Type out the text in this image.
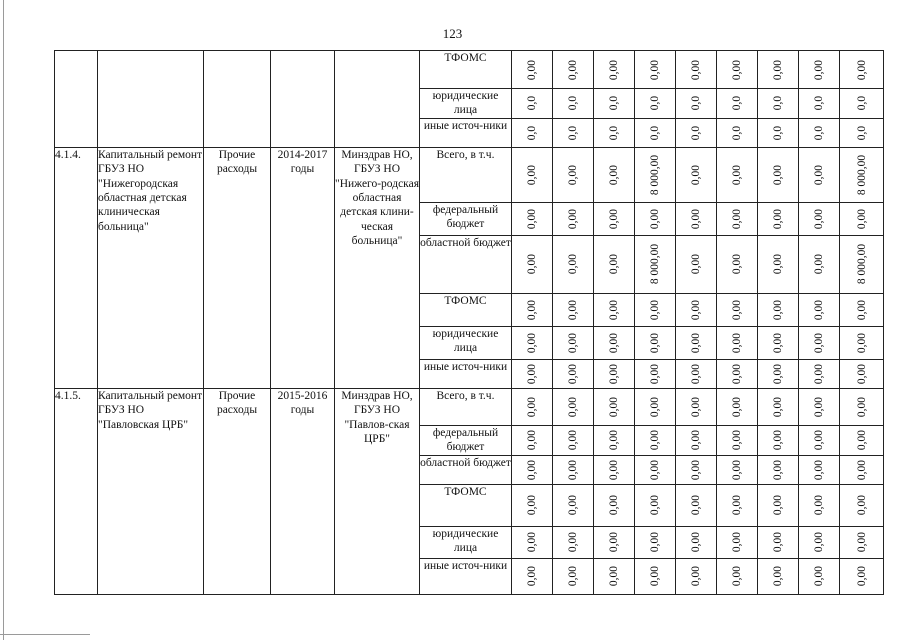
123
					ТФОМС	0,00	0,00	0,00	0,00	0,00	0,00	0,00	0,00	0,00

					юридические лица	0,0	0,0	0,0	0,0	0,0	0,0	0,0	0,0	0,0

					иные источ-ники	0,0	0,0	0,0	0,0	0,0	0,0	0,0	0,0	0,0

4.1.4.	Капитальный ремонт ГБУЗ НО "Нижегородская областная детская клиническая больница"	Прочие расходы	2014-2017 годы	Минздрав НО, ГБУЗ НО "Нижего-родская областная детская клини-ческая больница"	Всего, в т.ч.	0,00	0,00	0,00	8 000,00	0,00	0,00	0,00	0,00	8 000,00

					федеральный бюджет	0,00	0,00	0,00	0,00	0,00	0,00	0,00	0,00	0,00

					областной бюджет	0,00	0,00	0,00	8 000,00	0,00	0,00	0,00	0,00	8 000,00

					ТФОМС	0,00	0,00	0,00	0,00	0,00	0,00	0,00	0,00	0,00

					юридические лица	0,00	0,00	0,00	0,00	0,00	0,00	0,00	0,00	0,00

					иные источ-ники	0,00	0,00	0,00	0,00	0,00	0,00	0,00	0,00	0,00

4.1.5.	Капитальный ремонт ГБУЗ НО "Павловская ЦРБ"	Прочие расходы	2015-2016 годы	Минздрав НО, ГБУЗ НО "Павлов-ская ЦРБ"	Всего, в т.ч.	0,00	0,00	0,00	0,00	0,00	0,00	0,00	0,00	0,00

					федеральный бюджет	0,00	0,00	0,00	0,00	0,00	0,00	0,00	0,00	0,00

					областной бюджет	0,00	0,00	0,00	0,00	0,00	0,00	0,00	0,00	0,00

					ТФОМС	0,00	0,00	0,00	0,00	0,00	0,00	0,00	0,00	0,00

					юридические лица	0,00	0,00	0,00	0,00	0,00	0,00	0,00	0,00	0,00

					иные источ-ники	0,00	0,00	0,00	0,00	0,00	0,00	0,00	0,00	0,00
